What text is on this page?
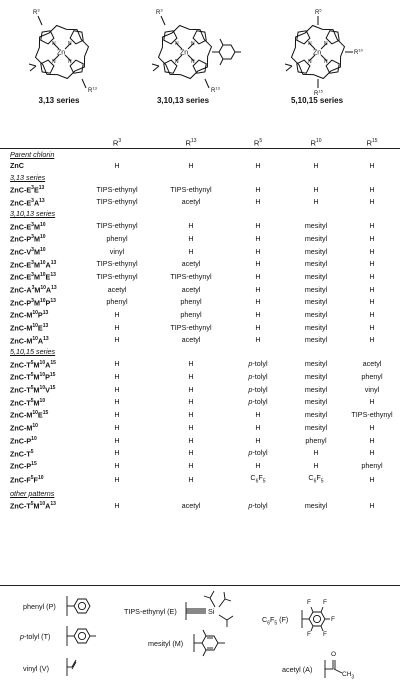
Zn
N N
N N
$R^3$
$R^{13}$
Zn
N N
N N
$R^3$
$R^{13}$
Zn
N N
N N
$R^5$
$R^{10}$
$R^{15}$
3,13 series	3,10,13 series	5,10,15 series
	$R^3$	$R^{13}$	$R^5$	$R^{10}$	$R^{15}$
Parent chlorin					
ZnC	H	H	H	H	H
3,13 series					
ZnC-$E^3E^{13}$	TIPS-ethynyl	TIPS-ethynyl	H	H	H
ZnC-$E^3A^{13}$	TIPS-ethynyl	acetyl	H	H	H
3,10,13 series					
ZnC-$E^3M^{10}$	TIPS-ethynyl	H	H	mesityl	H
ZnC-$P^3M^{10}$	phenyl	H	H	mesityl	H
ZnC-$V^3M^{10}$	vinyl	H	H	mesityl	H
ZnC-$E^3M^{10}A^{13}$	TIPS-ethynyl	acetyl	H	mesityl	H
ZnC-$E^3M^{10}E^{13}$	TIPS-ethynyl	TIPS-ethynyl	H	mesityl	H
ZnC-$A^3M^{10}A^{13}$	acetyl	acetyl	H	mesityl	H
ZnC-$P^3M^{10}P^{13}$	phenyl	phenyl	H	mesityl	H
ZnC-$M^{10}P^{13}$	H	phenyl	H	mesityl	H
ZnC-$M^{10}E^{13}$	H	TIPS-ethynyl	H	mesityl	H
ZnC-$M^{10}A^{13}$	H	acetyl	H	mesityl	H
5,10,15 series					
ZnC-$T^5M^{10}A^{15}$	H	H	p-tolyl	mesityl	acetyl
ZnC-$T^5M^{10}P^{15}$	H	H	p-tolyl	mesityl	phenyl
ZnC-$T^5M^{10}V^{15}$	H	H	p-tolyl	mesityl	vinyl
ZnC-$T^5M^{10}$	H	H	p-tolyl	mesityl	H
ZnC-$M^{10}E^{15}$	H	H	H	mesityl	TIPS-ethynyl
ZnC-$M^{10}$	H	H	H	mesityl	H
ZnC-$P^{10}$	H	H	H	phenyl	H
ZnC-$T^5$	H	H	p-tolyl	H	H
ZnC-$P^{15}$	H	H	H	H	phenyl
ZnC-$F^5F^{10}$	H	H	$C_6F_5$	$C_6F_5$	H
other patterns					
ZnC-$T^5M^{10}A^{13}$	H	acetyl	p-tolyl	mesityl	H
phenyl (P)
p-tolyl (T)
vinyl (V)
TIPS-ethynyl (E)	Si
mesityl (M)
$C_6F_5$ (F)
F F
F
F F
acetyl (A)
O
$CH_3$
